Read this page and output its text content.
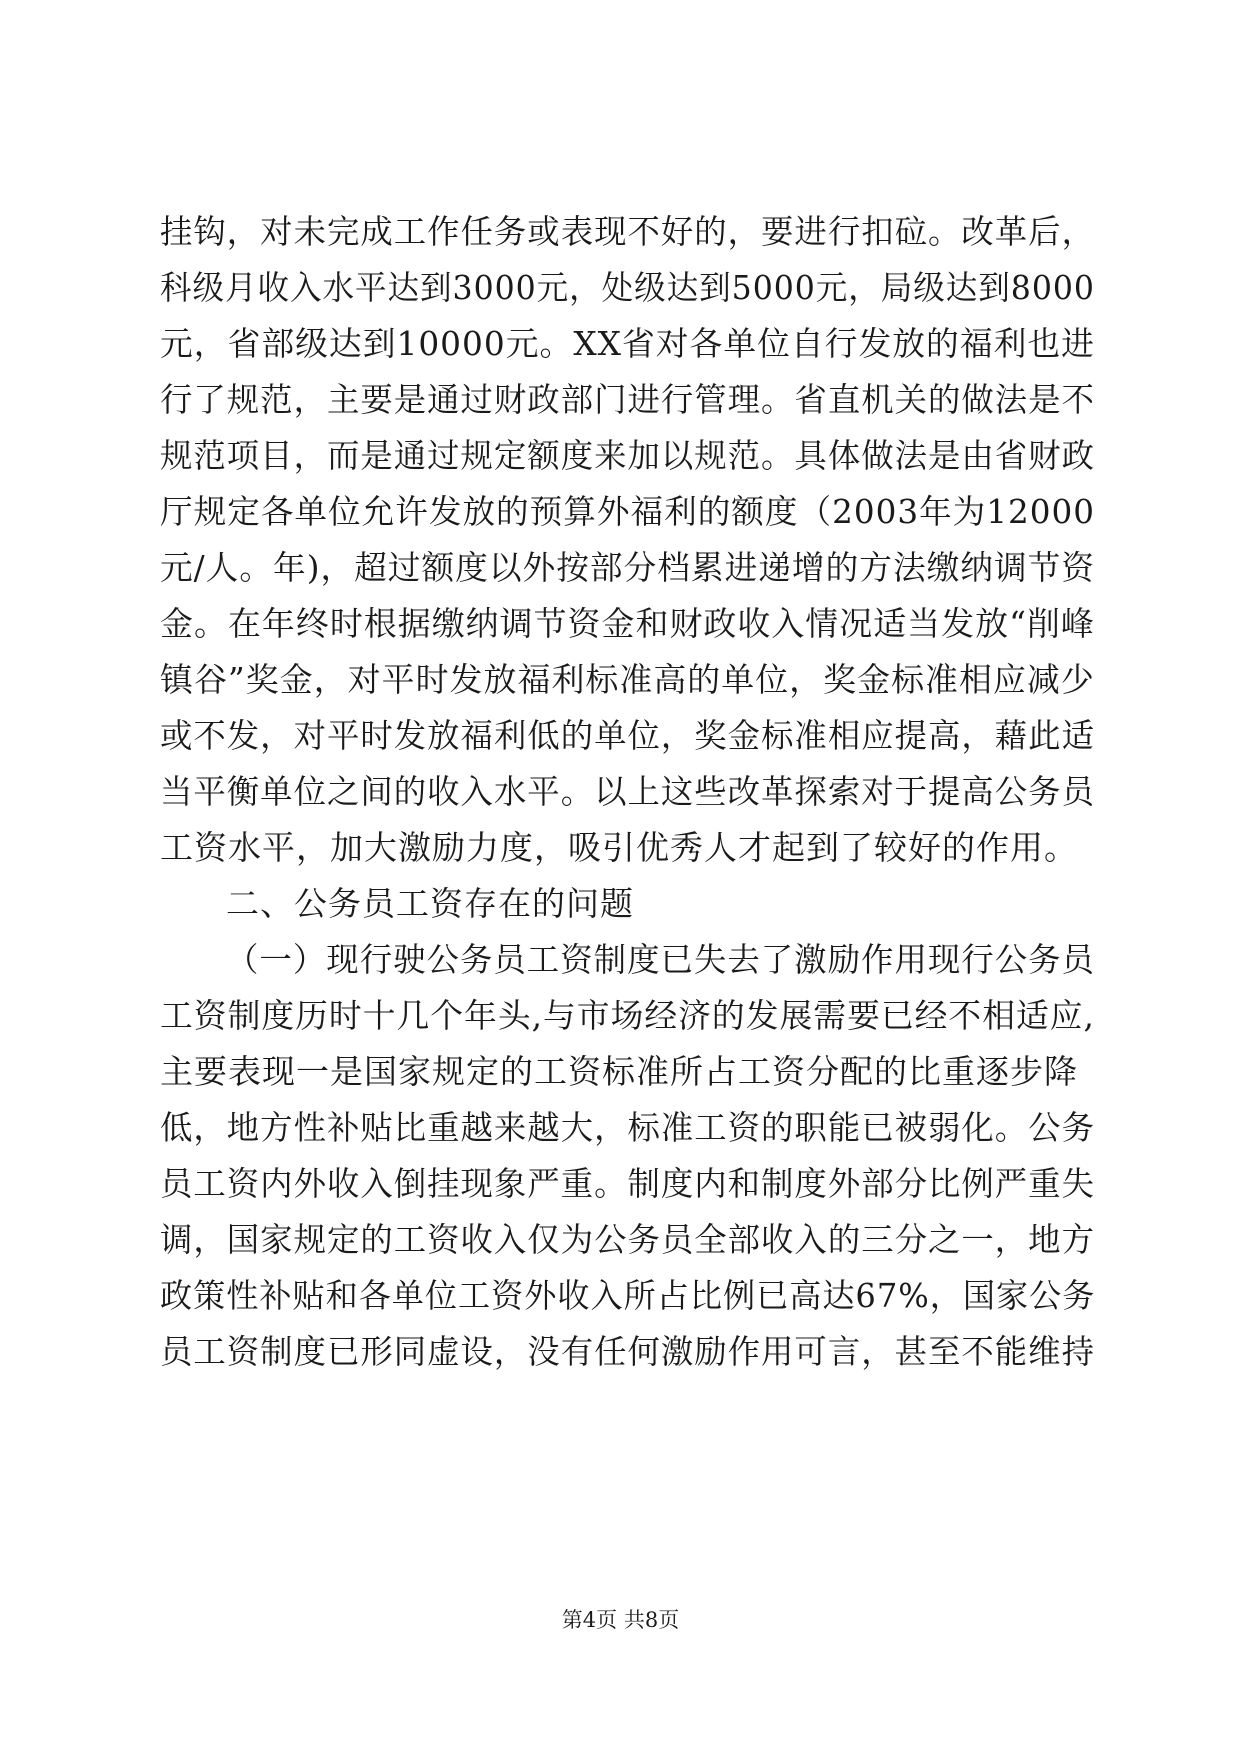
挂钩，对未完成工作任务或表现不好的，要进行扣砬。改革后，
科级月收入水平达到3000元，处级达到5000元，局级达到8000
元，省部级达到10000元。XX省对各单位自行发放的福利也进
行了规范，主要是通过财政部门进行管理。省直机关的做法是不
规范项目，而是通过规定额度来加以规范。具体做法是由省财政
厅规定各单位允许发放的预算外福利的额度（2003年为12000
元/人。年)，超过额度以外按部分档累进递增的方法缴纳调节资
金。在年终时根据缴纳调节资金和财政收入情况适当发放“削峰
镇谷”奖金，对平时发放福利标准高的单位，奖金标准相应减少
或不发，对平时发放福利低的单位，奖金标准相应提高，藉此适
当平衡单位之间的收入水平。以上这些改革探索对于提高公务员
工资水平，加大激励力度，吸引优秀人才起到了较好的作用。
二、公务员工资存在的问题
（一）现行驶公务员工资制度已失去了激励作用现行公务员
工资制度历时十几个年头,与市场经济的发展需要已经不相适应,
主要表现一是国家规定的工资标准所占工资分配的比重逐步降
低，地方性补贴比重越来越大，标准工资的职能已被弱化。公务
员工资内外收入倒挂现象严重。制度内和制度外部分比例严重失
调，国家规定的工资收入仅为公务员全部收入的三分之一，地方
政策性补贴和各单位工资外收入所占比例已高达67%，国家公务
员工资制度已形同虚设，没有任何激励作用可言，甚至不能维持
第4页 共8页
